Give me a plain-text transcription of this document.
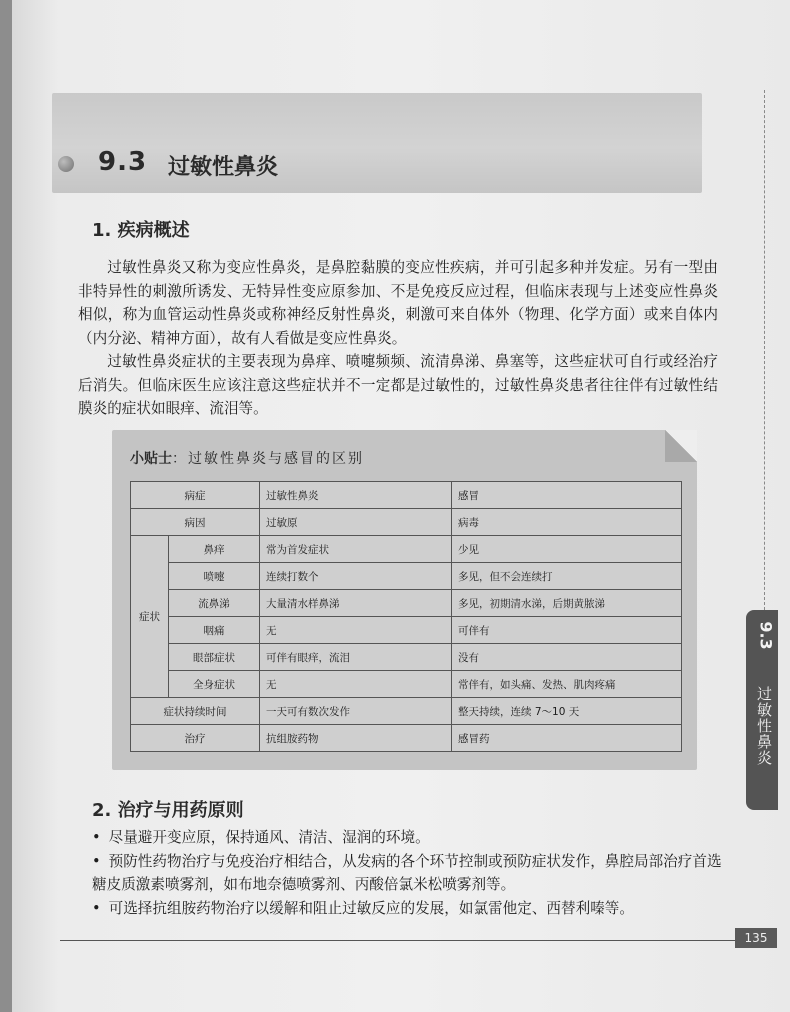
9.3 过敏性鼻炎
1. 疾病概述

过敏性鼻炎又称为变应性鼻炎，是鼻腔黏膜的变应性疾病，并可引起多种并发症。另有一型由非特异性的刺激所诱发、无特异性变应原参加、不是免疫反应过程，但临床表现与上述变应性鼻炎相似，称为血管运动性鼻炎或称神经反射性鼻炎，刺激可来自体外（物理、化学方面）或来自体内（内分泌、精神方面），故有人看做是变应性鼻炎。

过敏性鼻炎症状的主要表现为鼻痒、喷嚏频频、流清鼻涕、鼻塞等，这些症状可自行或经治疗后消失。但临床医生应该注意这些症状并不一定都是过敏性的，过敏性鼻炎患者往往伴有过敏性结膜炎的症状如眼痒、流泪等。

小贴士：过敏性鼻炎与感冒的区别
病症		过敏性鼻炎	感冒
病因		过敏原	病毒
症状	鼻痒	常为首发症状	少见
	喷嚏	连续打数个	多见，但不会连续打
	流鼻涕	大量清水样鼻涕	多见，初期清水涕，后期黄脓涕
	咽痛	无	可伴有
	眼部症状	可伴有眼痒，流泪	没有
	全身症状	无	常伴有，如头痛、发热、肌肉疼痛
症状持续时间		一天可有数次发作	整天持续，连续 7～10 天
治疗		抗组胺药物	感冒药
2. 治疗与用药原则
• 尽量避开变应原，保持通风、清洁、湿润的环境。
• 预防性药物治疗与免疫治疗相结合，从发病的各个环节控制或预防症状发作，鼻腔局部治疗首选糖皮质激素喷雾剂，如布地奈德喷雾剂、丙酸倍氯米松喷雾剂等。
• 可选择抗组胺药物治疗以缓解和阻止过敏反应的发展，如氯雷他定、西替利嗪等。
9.3
过敏性鼻炎
135
